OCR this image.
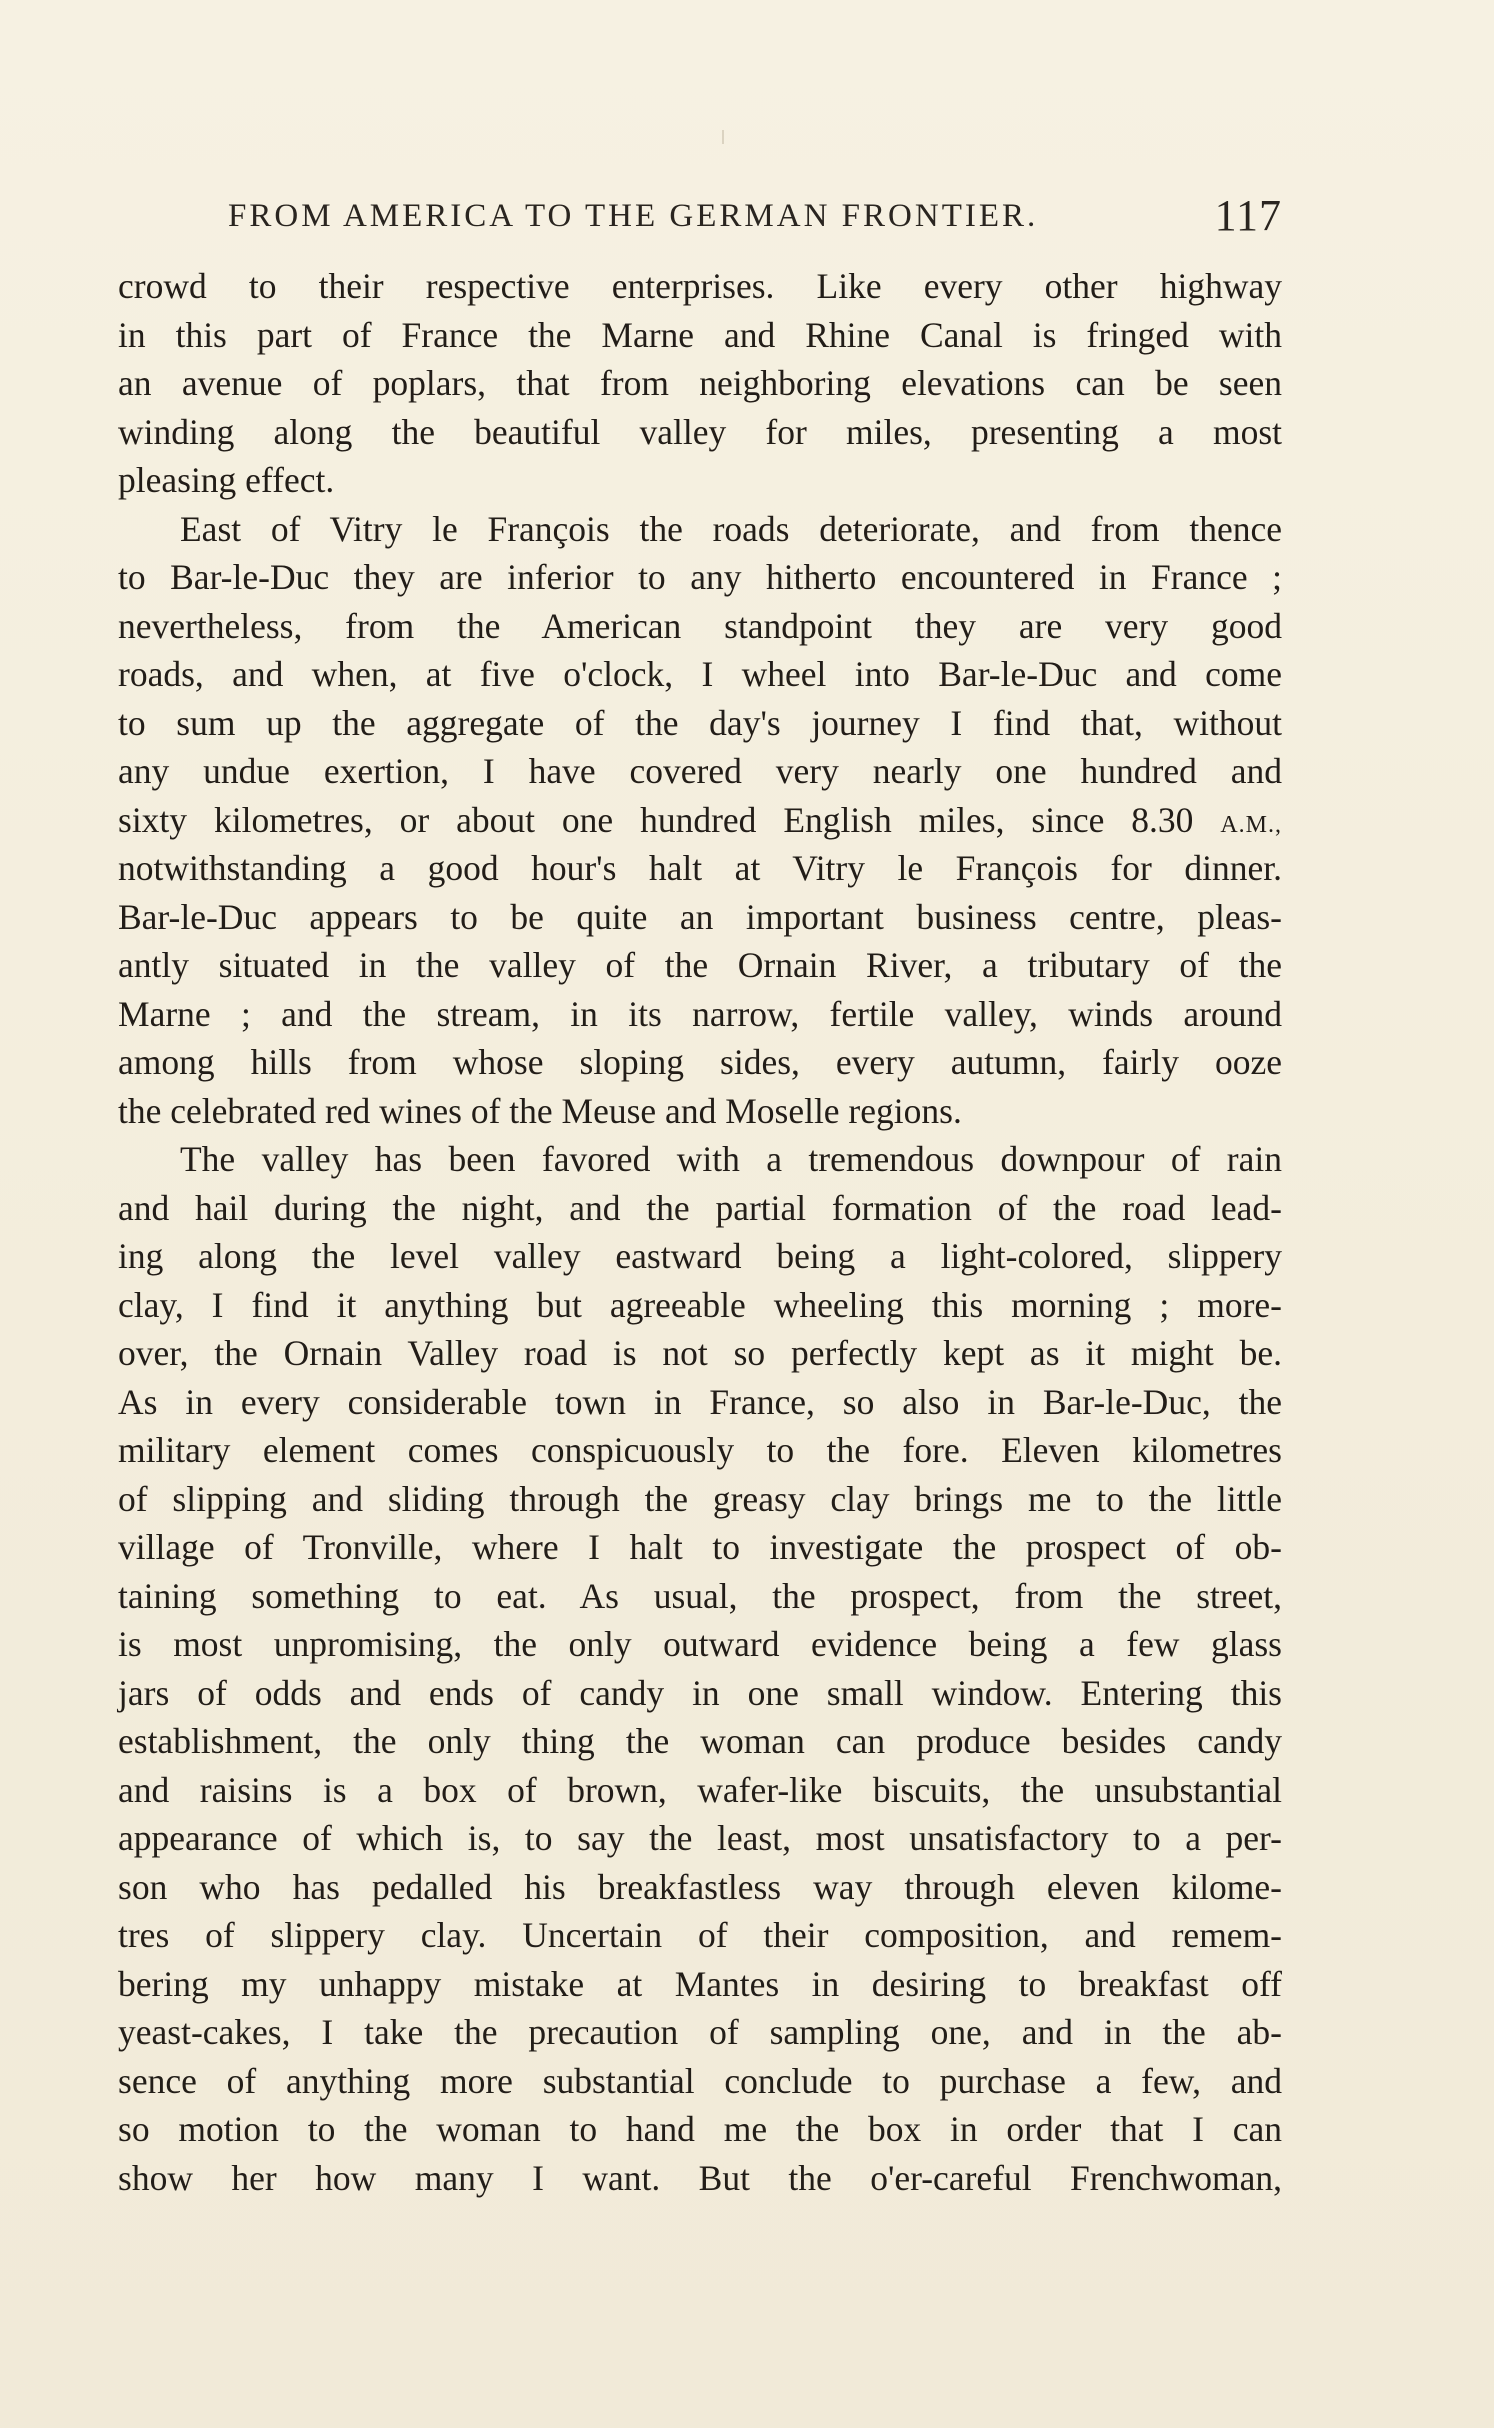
FROM AMERICA TO THE GERMAN FRONTIER.	117
crowd to their respective enterprises. Like every other highway
in this part of France the Marne and Rhine Canal is fringed with
an avenue of poplars, that from neighboring elevations can be seen
winding along the beautiful valley for miles, presenting a most
pleasing effect.
East of Vitry le François the roads deteriorate, and from thence
to Bar-le-Duc they are inferior to any hitherto encountered in France ;
nevertheless, from the American standpoint they are very good
roads, and when, at five o'clock, I wheel into Bar-le-Duc and come
to sum up the aggregate of the day's journey I find that, without
any undue exertion, I have covered very nearly one hundred and
sixty kilometres, or about one hundred English miles, since 8.30 A.M.,
notwithstanding a good hour's halt at Vitry le François for dinner.
Bar-le-Duc appears to be quite an important business centre, pleas-
antly situated in the valley of the Ornain River, a tributary of the
Marne ; and the stream, in its narrow, fertile valley, winds around
among hills from whose sloping sides, every autumn, fairly ooze
the celebrated red wines of the Meuse and Moselle regions.
The valley has been favored with a tremendous downpour of rain
and hail during the night, and the partial formation of the road lead-
ing along the level valley eastward being a light-colored, slippery
clay, I find it anything but agreeable wheeling this morning ; more-
over, the Ornain Valley road is not so perfectly kept as it might be.
As in every considerable town in France, so also in Bar-le-Duc, the
military element comes conspicuously to the fore. Eleven kilometres
of slipping and sliding through the greasy clay brings me to the little
village of Tronville, where I halt to investigate the prospect of ob-
taining something to eat. As usual, the prospect, from the street,
is most unpromising, the only outward evidence being a few glass
jars of odds and ends of candy in one small window. Entering this
establishment, the only thing the woman can produce besides candy
and raisins is a box of brown, wafer-like biscuits, the unsubstantial
appearance of which is, to say the least, most unsatisfactory to a per-
son who has pedalled his breakfastless way through eleven kilome-
tres of slippery clay. Uncertain of their composition, and remem-
bering my unhappy mistake at Mantes in desiring to breakfast off
yeast-cakes, I take the precaution of sampling one, and in the ab-
sence of anything more substantial conclude to purchase a few, and
so motion to the woman to hand me the box in order that I can
show her how many I want. But the o'er-careful Frenchwoman,
